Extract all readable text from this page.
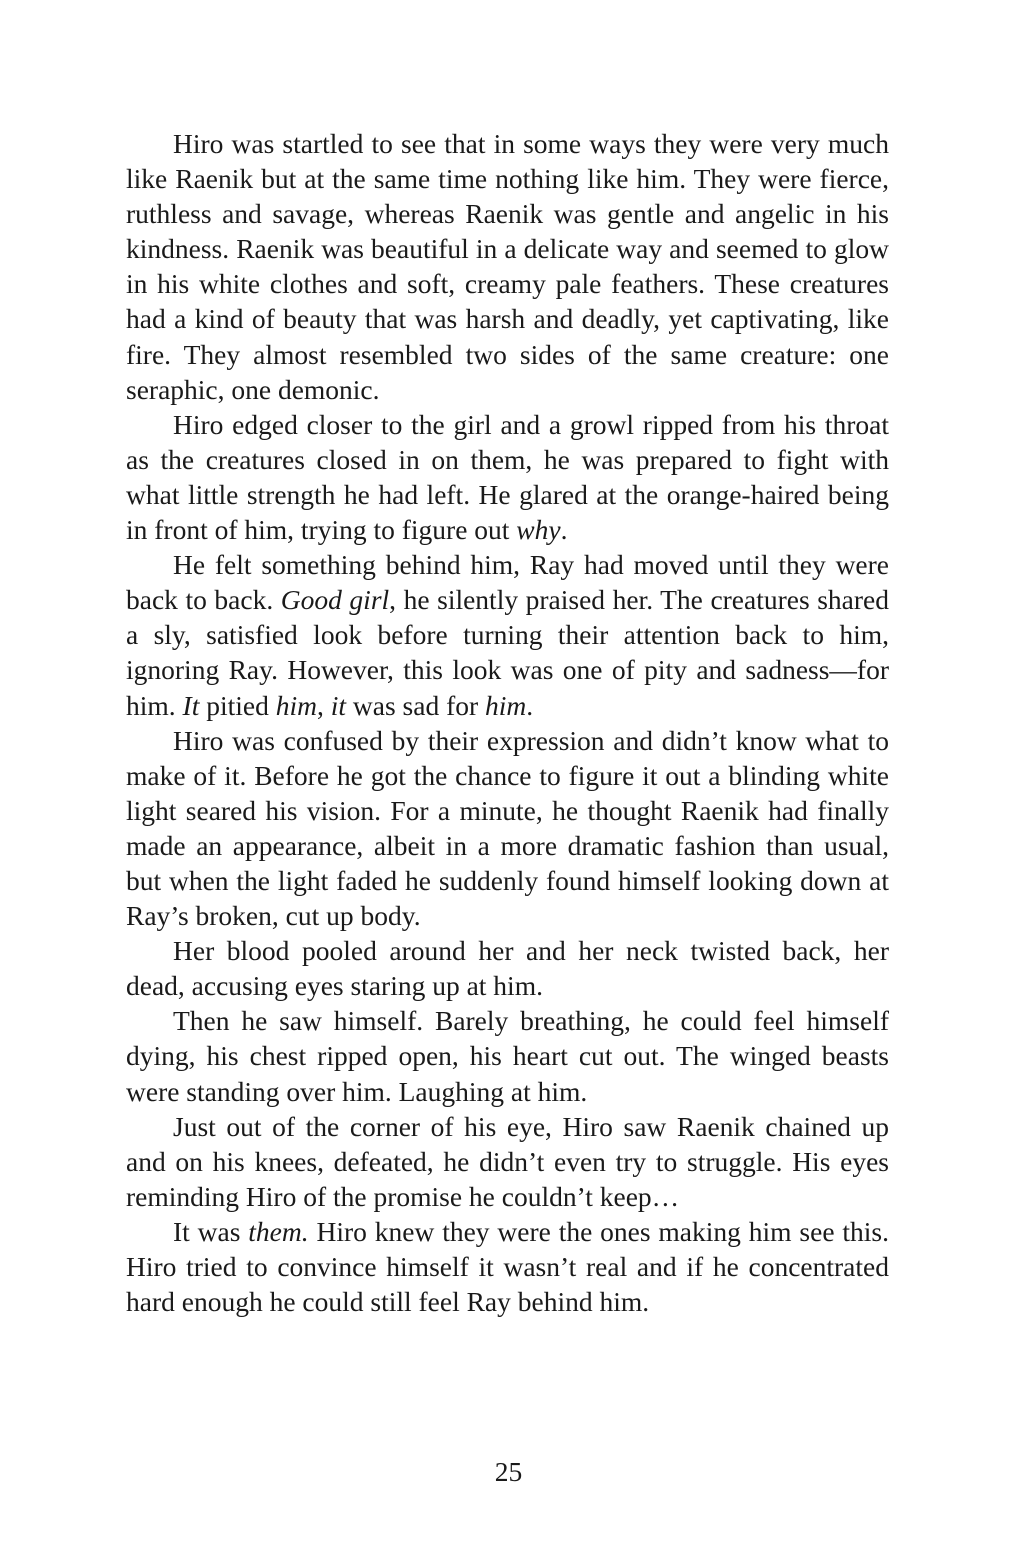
Hiro was startled to see that in some ways they were very much like Raenik but at the same time nothing like him. They were fierce, ruthless and savage, whereas Raenik was gentle and angelic in his kindness. Raenik was beautiful in a delicate way and seemed to glow in his white clothes and soft, creamy pale feathers. These creatures had a kind of beauty that was harsh and deadly, yet captivating, like fire. They almost resembled two sides of the same creature: one seraphic, one demonic.

Hiro edged closer to the girl and a growl ripped from his throat as the creatures closed in on them, he was prepared to fight with what little strength he had left. He glared at the orange-haired being in front of him, trying to figure out why.

He felt something behind him, Ray had moved until they were back to back. Good girl, he silently praised her. The creatures shared a sly, satisfied look before turning their attention back to him, ignoring Ray. However, this look was one of pity and sadness—for him. It pitied him, it was sad for him.

Hiro was confused by their expression and didn’t know what to make of it. Before he got the chance to figure it out a blinding white light seared his vision. For a minute, he thought Raenik had finally made an appearance, albeit in a more dramatic fashion than usual, but when the light faded he suddenly found himself looking down at Ray’s broken, cut up body.

Her blood pooled around her and her neck twisted back, her dead, accusing eyes staring up at him.

Then he saw himself. Barely breathing, he could feel himself dying, his chest ripped open, his heart cut out. The winged beasts were standing over him. Laughing at him.

Just out of the corner of his eye, Hiro saw Raenik chained up and on his knees, defeated, he didn’t even try to struggle. His eyes reminding Hiro of the promise he couldn’t keep…

It was them. Hiro knew they were the ones making him see this. Hiro tried to convince himself it wasn’t real and if he concentrated hard enough he could still feel Ray behind him.

25
